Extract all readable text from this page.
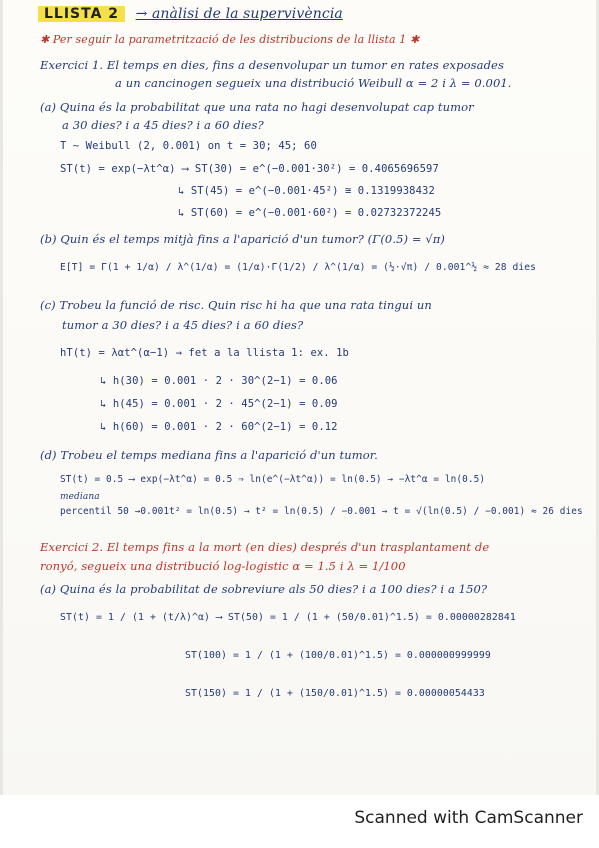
LLISTA 2 → anàlisi de la supervivència
✱ Per seguir la parametrització de les distribucions de la llista 1 ✱
Exercici 1. El temps en dies, fins a desenvolupar un tumor en rates exposades
a un cancinogen segueix una distribució Weibull α = 2 i λ = 0.001.
(a) Quina és la probabilitat que una rata no hagi desenvolupat cap tumor
a 30 dies? i a 45 dies? i a 60 dies?
T ~ Weibull (2, 0.001) on t = 30; 45; 60
ST(t) = exp(−λt^α) ⟶ ST(30) = e^(−0.001·30²) = 0.4065696597
↳ ST(45) = e^(−0.001·45²) ≅ 0.1319938432
↳ ST(60) = e^(−0.001·60²) = 0.02732372245
(b) Quin és el temps mitjà fins a l'aparició d'un tumor? (Γ(0.5) = √π)
E[T] = Γ(1 + 1/α) / λ^(1/α) = (1/α)·Γ(1/2) / λ^(1/α) = (½·√π) / 0.001^½ ≈ 28 dies
(c) Trobeu la funció de risc. Quin risc hi ha que una rata tingui un
tumor a 30 dies? i a 45 dies? i a 60 dies?
hT(t) = λαt^(α−1) → fet a la llista 1: ex. 1b
↳ h(30) = 0.001 · 2 · 30^(2−1) = 0.06
↳ h(45) = 0.001 · 2 · 45^(2−1) = 0.09
↳ h(60) = 0.001 · 2 · 60^(2−1) = 0.12
(d) Trobeu el temps mediana fins a l'aparició d'un tumor.
ST(t) = 0.5 ⟶ exp(−λt^α) = 0.5 ⇒ ln(e^(−λt^α)) = ln(0.5) → −λt^α = ln(0.5)
mediana
percentil 50 →0.001t² = ln(0.5) → t² = ln(0.5) / −0.001 → t = √(ln(0.5) / −0.001) ≈ 26 dies
Exercici 2. El temps fins a la mort (en dies) després d'un trasplantament de
ronyó, segueix una distribució log-logistic α = 1.5 i λ = 1/100
(a) Quina és la probabilitat de sobreviure als 50 dies? i a 100 dies? i a 150?
ST(t) = 1 / (1 + (t/λ)^α) ⟶ ST(50) = 1 / (1 + (50/0.01)^1.5) = 0.00000282841
ST(100) = 1 / (1 + (100/0.01)^1.5) = 0.000000999999
ST(150) = 1 / (1 + (150/0.01)^1.5) = 0.00000054433
Scanned with CamScanner
